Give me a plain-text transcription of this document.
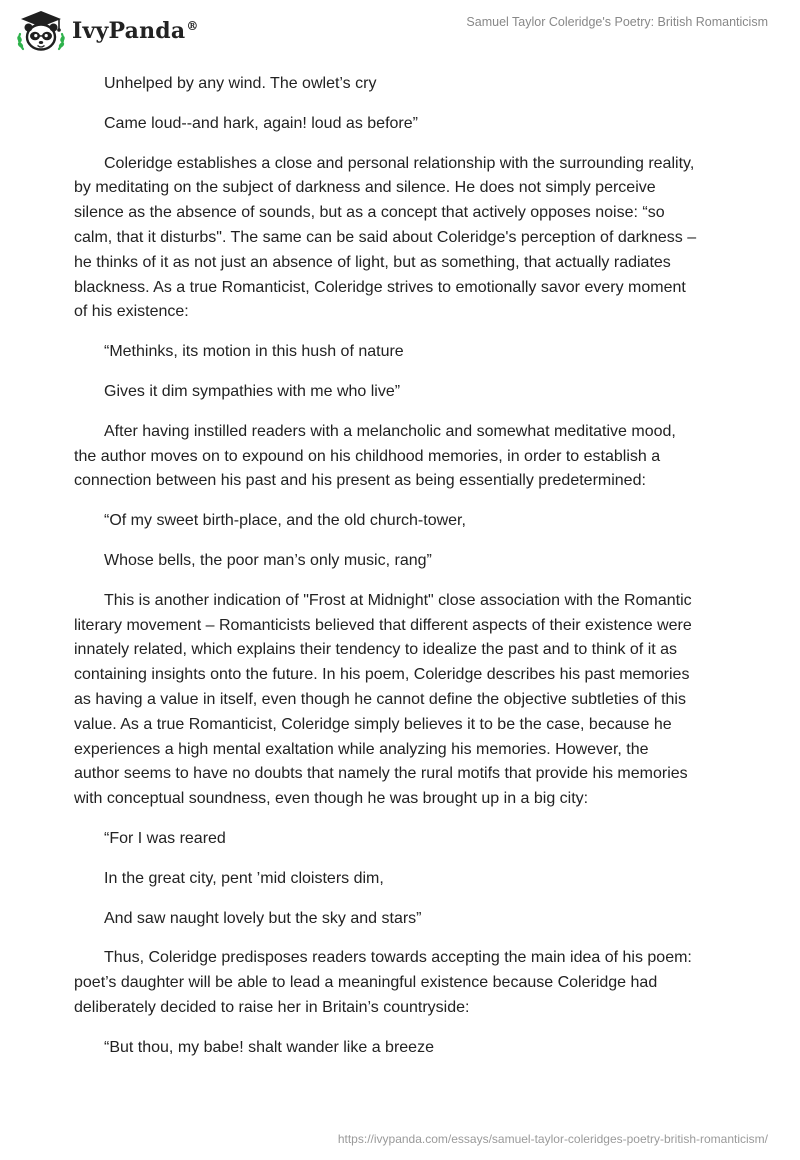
IvyPanda®	Samuel Taylor Coleridge's Poetry: British Romanticism

Unhelped by any wind. The owlet’s cry

Came loud--and hark, again! loud as before”

Coleridge establishes a close and personal relationship with the surrounding reality,
by meditating on the subject of darkness and silence. He does not simply perceive
silence as the absence of sounds, but as a concept that actively opposes noise: “so
calm, that it disturbs". The same can be said about Coleridge's perception of darkness –
he thinks of it as not just an absence of light, but as something, that actually radiates
blackness. As a true Romanticist, Coleridge strives to emotionally savor every moment
of his existence:

“Methinks, its motion in this hush of nature

Gives it dim sympathies with me who live”

After having instilled readers with a melancholic and somewhat meditative mood,
the author moves on to expound on his childhood memories, in order to establish a
connection between his past and his present as being essentially predetermined:

“Of my sweet birth-place, and the old church-tower,

Whose bells, the poor man’s only music, rang”

This is another indication of "Frost at Midnight" close association with the Romantic
literary movement – Romanticists believed that different aspects of their existence were
innately related, which explains their tendency to idealize the past and to think of it as
containing insights onto the future. In his poem, Coleridge describes his past memories
as having a value in itself, even though he cannot define the objective subtleties of this
value. As a true Romanticist, Coleridge simply believes it to be the case, because he
experiences a high mental exaltation while analyzing his memories. However, the
author seems to have no doubts that namely the rural motifs that provide his memories
with conceptual soundness, even though he was brought up in a big city:

“For I was reared

In the great city, pent ’mid cloisters dim,

And saw naught lovely but the sky and stars”

Thus, Coleridge predisposes readers towards accepting the main idea of his poem:
poet’s daughter will be able to lead a meaningful existence because Coleridge had
deliberately decided to raise her in Britain’s countryside:

“But thou, my babe! shalt wander like a breeze

https://ivypanda.com/essays/samuel-taylor-coleridges-poetry-british-romanticism/
